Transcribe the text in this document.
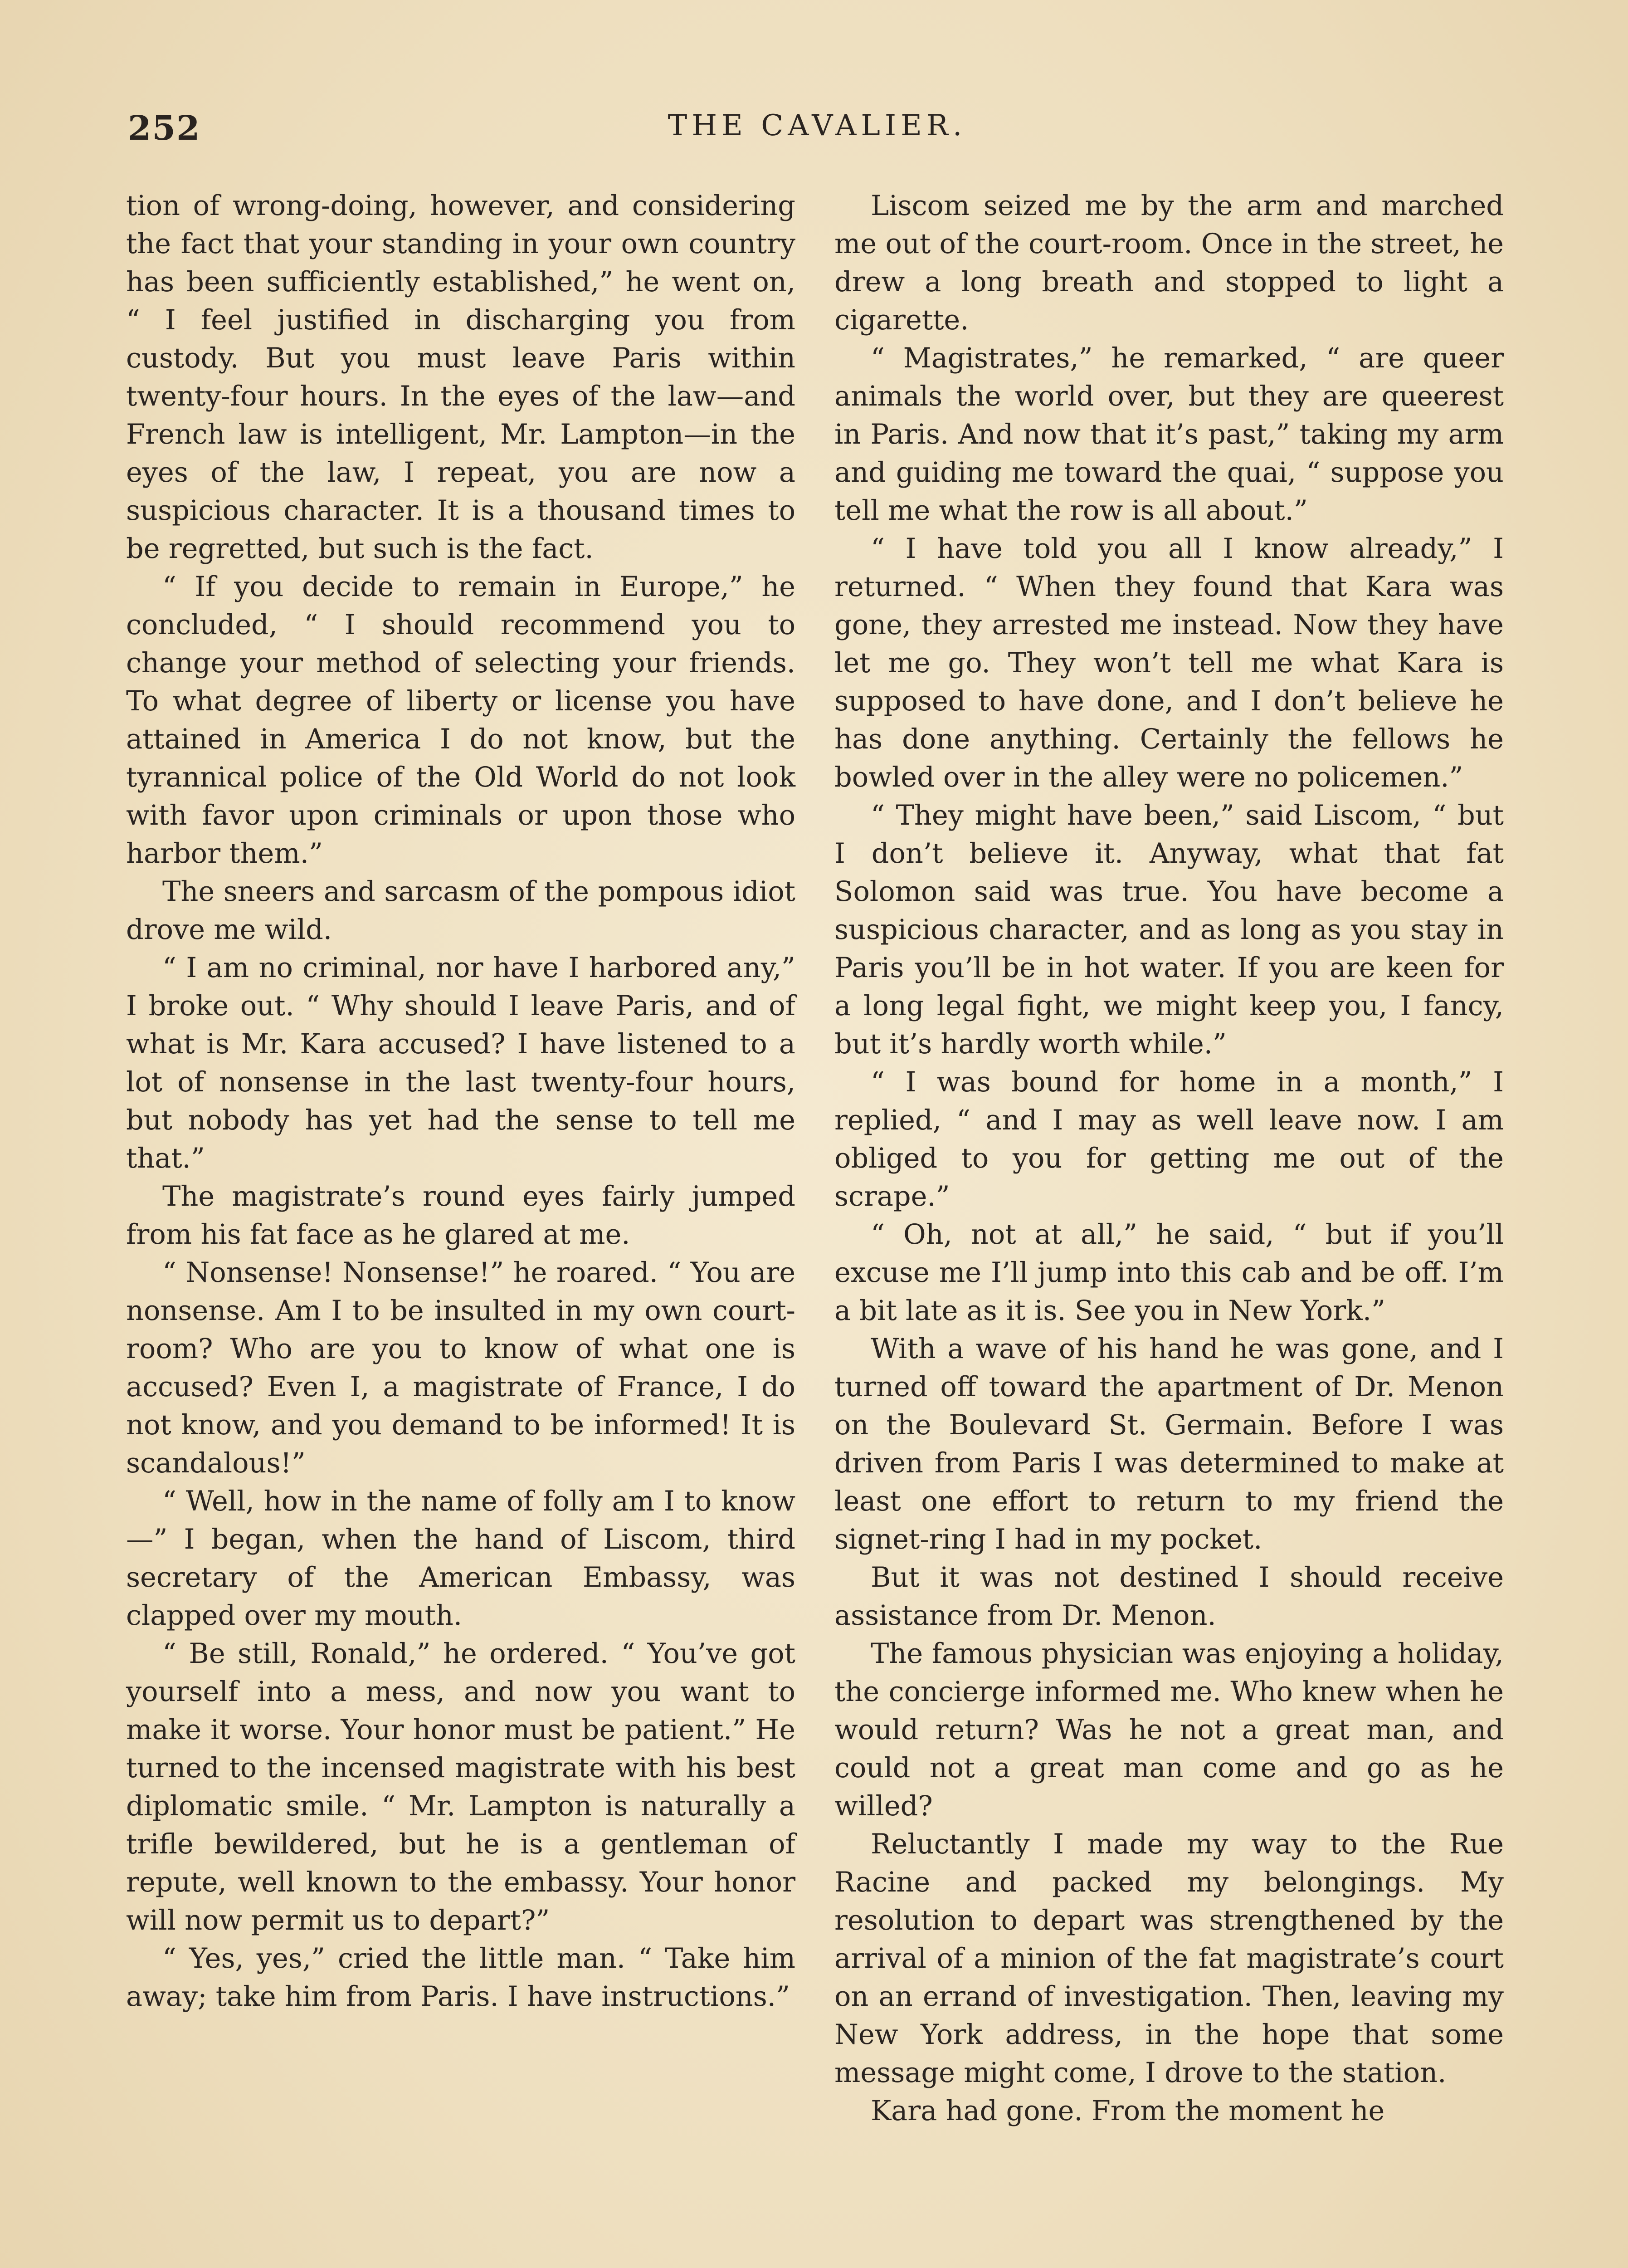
252	THE CAVALIER.

tion of wrong-doing, however, and considering the fact that your standing in your own country has been sufficiently established,” he went on, “ I feel justified in discharging you from custody. But you must leave Paris within twenty-four hours. In the eyes of the law—and French law is intelligent, Mr. Lampton—in the eyes of the law, I repeat, you are now a suspicious character. It is a thousand times to be regretted, but such is the fact.

“ If you decide to remain in Europe,” he concluded, “ I should recommend you to change your method of selecting your friends. To what degree of liberty or license you have attained in America I do not know, but the tyrannical police of the Old World do not look with favor upon criminals or upon those who harbor them.”

The sneers and sarcasm of the pompous idiot drove me wild.

“ I am no criminal, nor have I harbored any,” I broke out. “ Why should I leave Paris, and of what is Mr. Kara accused? I have listened to a lot of nonsense in the last twenty-four hours, but nobody has yet had the sense to tell me that.”

The magistrate’s round eyes fairly jumped from his fat face as he glared at me.

“ Nonsense! Nonsense!” he roared. “ You are nonsense. Am I to be insulted in my own court-room? Who are you to know of what one is accused? Even I, a magistrate of France, I do not know, and you demand to be informed! It is scandalous!”

“ Well, how in the name of folly am I to know—” I began, when the hand of Liscom, third secretary of the American Embassy, was clapped over my mouth.

“ Be still, Ronald,” he ordered. “ You’ve got yourself into a mess, and now you want to make it worse. Your honor must be patient.” He turned to the incensed magistrate with his best diplomatic smile. “ Mr. Lampton is naturally a trifle bewildered, but he is a gentleman of repute, well known to the embassy. Your honor will now permit us to depart?”

“ Yes, yes,” cried the little man. “ Take him away; take him from Paris. I have instructions.”

Liscom seized me by the arm and marched me out of the court-room. Once in the street, he drew a long breath and stopped to light a cigarette.

“ Magistrates,” he remarked, “ are queer animals the world over, but they are queerest in Paris. And now that it’s past,” taking my arm and guiding me toward the quai, “ suppose you tell me what the row is all about.”

“ I have told you all I know already,” I returned. “ When they found that Kara was gone, they arrested me instead. Now they have let me go. They won’t tell me what Kara is supposed to have done, and I don’t believe he has done anything. Certainly the fellows he bowled over in the alley were no policemen.”

“ They might have been,” said Liscom, “ but I don’t believe it. Anyway, what that fat Solomon said was true. You have become a suspicious character, and as long as you stay in Paris you’ll be in hot water. If you are keen for a long legal fight, we might keep you, I fancy, but it’s hardly worth while.”

“ I was bound for home in a month,” I replied, “ and I may as well leave now. I am obliged to you for getting me out of the scrape.”

“ Oh, not at all,” he said, “ but if you’ll excuse me I’ll jump into this cab and be off. I’m a bit late as it is. See you in New York.”

With a wave of his hand he was gone, and I turned off toward the apartment of Dr. Menon on the Boulevard St. Germain. Before I was driven from Paris I was determined to make at least one effort to return to my friend the signet-ring I had in my pocket.

But it was not destined I should receive assistance from Dr. Menon.

The famous physician was enjoying a holiday, the concierge informed me. Who knew when he would return? Was he not a great man, and could not a great man come and go as he willed?

Reluctantly I made my way to the Rue Racine and packed my belongings. My resolution to depart was strengthened by the arrival of a minion of the fat magistrate’s court on an errand of investigation. Then, leaving my New York address, in the hope that some message might come, I drove to the station.

Kara had gone. From the moment he
